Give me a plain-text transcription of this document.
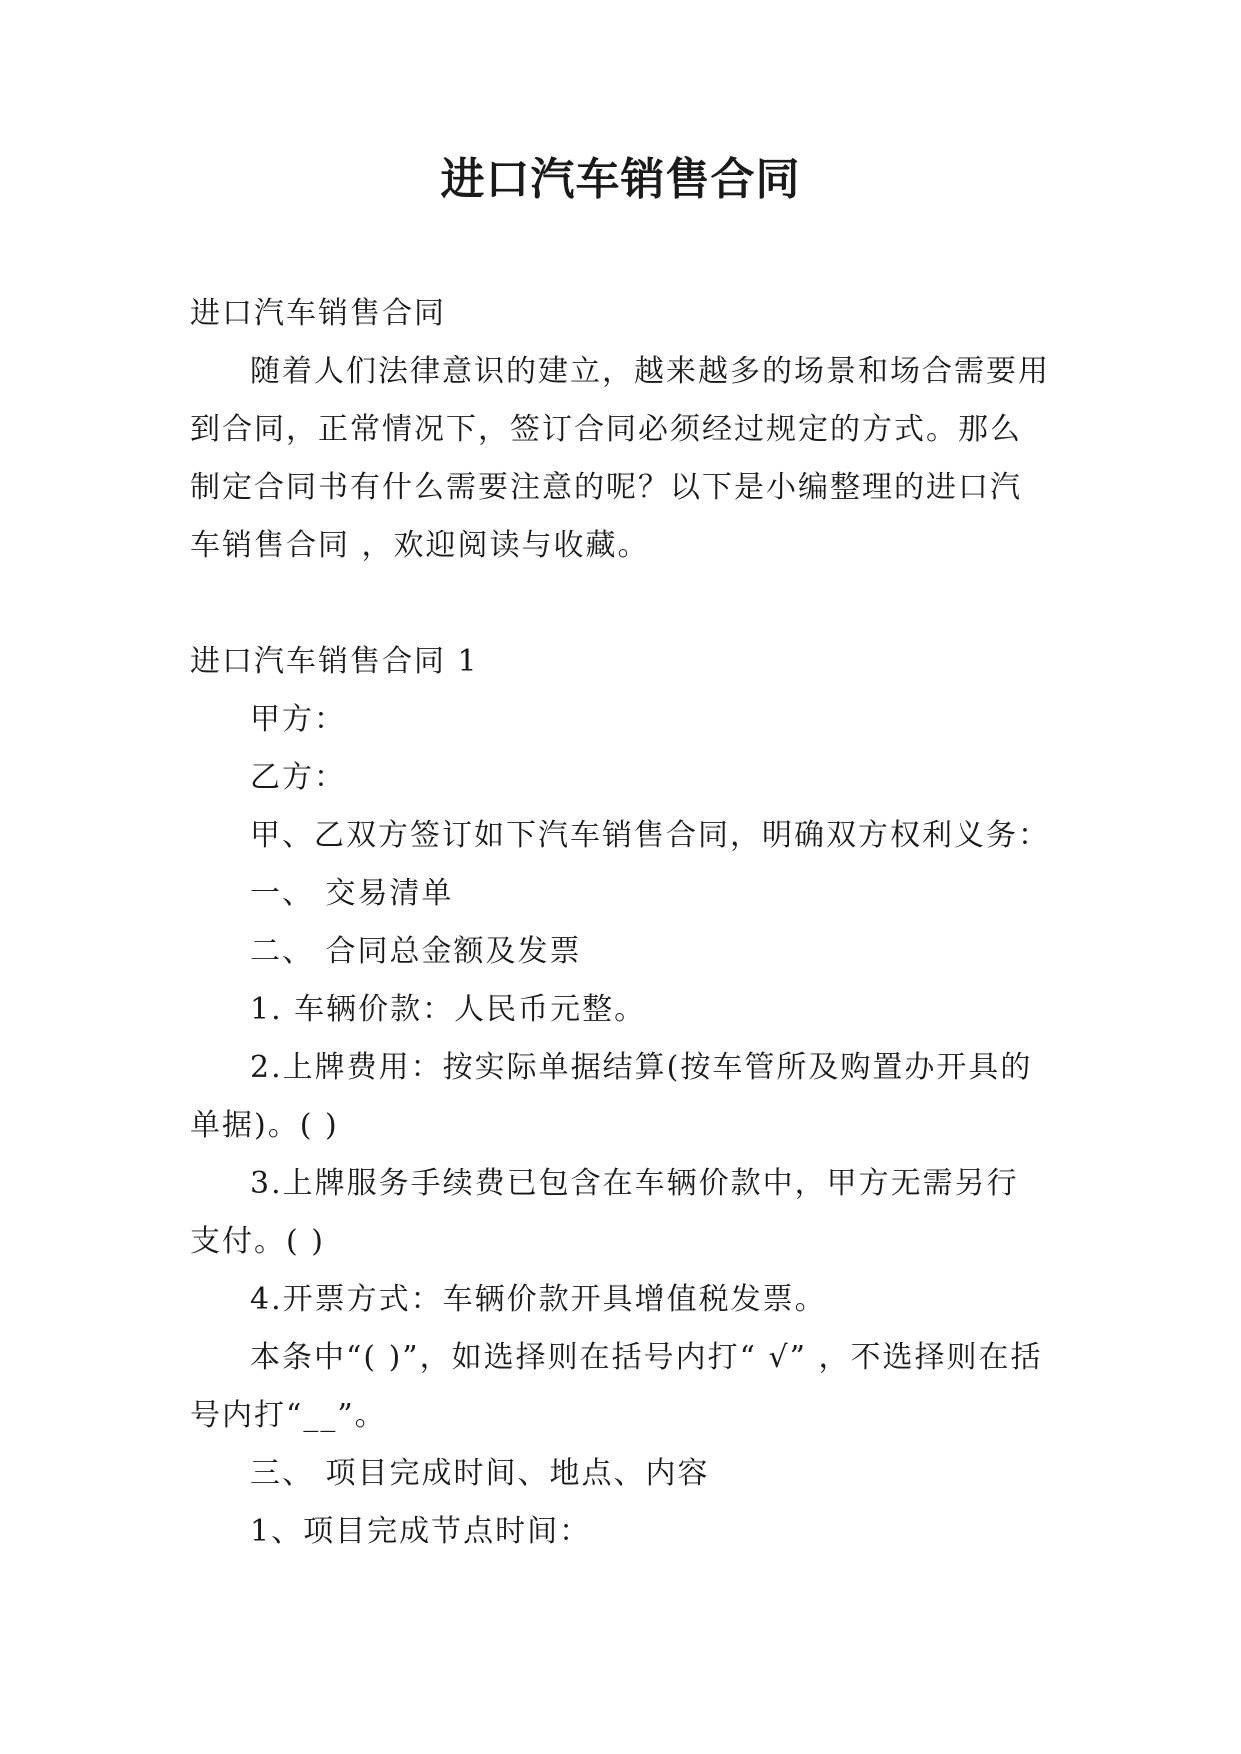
进口汽车销售合同

进口汽车销售合同

随着人们法律意识的建立，越来越多的场景和场合需要用到合同，正常情况下，签订合同必须经过规定的方式。那么制定合同书有什么需要注意的呢？以下是小编整理的进口汽车销售合同 ，欢迎阅读与收藏。

进口汽车销售合同 1

甲方：

乙方：

甲、乙双方签订如下汽车销售合同，明确双方权利义务：

一、 交易清单

二、 合同总金额及发票

1. 车辆价款：人民币元整。

2.上牌费用：按实际单据结算(按车管所及购置办开具的单据)。( )

3.上牌服务手续费已包含在车辆价款中，甲方无需另行支付。( )

4.开票方式：车辆价款开具增值税发票。

本条中“( )”，如选择则在括号内打“ √” ，不选择则在括号内打“__”。

三、 项目完成时间、地点、内容

1、项目完成节点时间：
